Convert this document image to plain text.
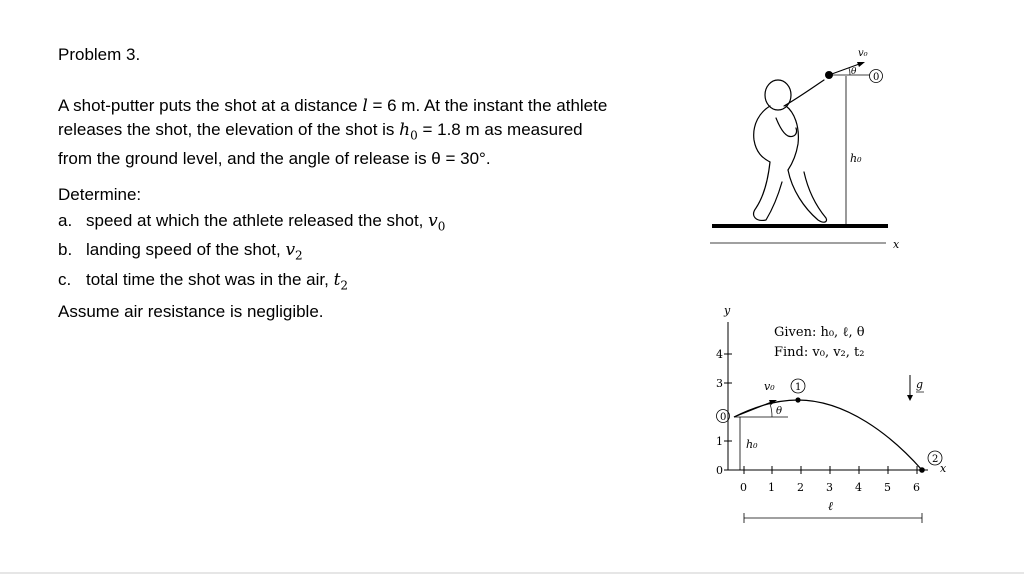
Problem 3.
A shot-putter puts the shot at a distance l = 6 m. At the instant the athlete releases the shot, the elevation of the shot is $h_0 = 1.8$ m as measured from the ground level, and the angle of release is θ = 30°.
Determine:
a. speed at which the athlete released the shot, $v_0$
b. landing speed of the shot, $v_2$
c. total time the shot was in the air, $t_2$
Assume air resistance is negligible.
x
v₀
θ 0
h₀
y
0
1
3
4
0 1 2 3 4 5 6
x
Given: h₀, ℓ, θ
Find: v₀, v₂, t₂
θ
v₀ 1
0
h₀
2
g
ℓ
